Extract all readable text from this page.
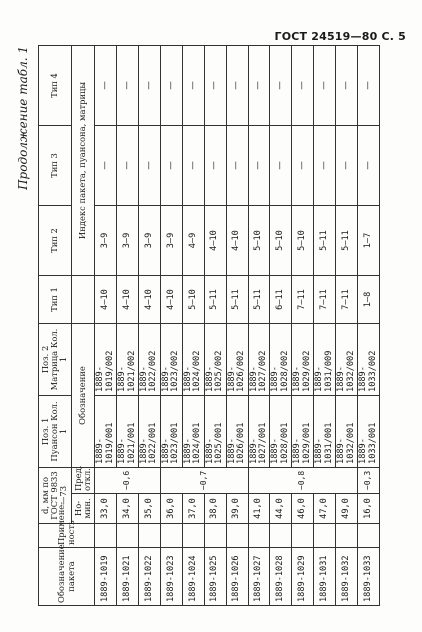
ГОСТ 24519—80 С. 5
Продолжение табл. 1
Обозначение пакета	Примене-ность	d, мм по ГОСТ 9833—73		Поз. 1 Пуансон Кол. 1	Поз. 2 Матрица Кол. 1	Тип 1	Тип 2	Тип 3	Тип 4
		Но-мин.	Пред. откл.	Обозначение			Индекс пакета, пуансона, матрицы		

1889-1019		33,0	−0,6	1889-1019/001	1889-1019/002	4—10	3—9	—	—
1889-1021		34,0		1889-1021/001	1889-1021/002	4—10	3—9	—	—
1889-1022		35,0		1889-1022/001	1889-1022/002	4—10	3—9	—	—
1889-1023		36,0	−0,7	1889-1023/001	1889-1023/002	4—10	3—9	—	—
1889-1024		37,0		1889-1024/001	1889-1024/002	5—10	4—9	—	—
1889-1025		38,0		1889-1025/001	1889-1025/002	5—11	4—10	—	—
1889-1026		39,0		1889-1026/001	1889-1026/002	5—11	4—10	—	—
1889-1027		41,0	−0,8	1889-1027/001	1889-1027/002	5—11	5—10	—	—
1889-1028		44,0		1889-1028/001	1889-1028/002	6—11	5—10	—	—
1889-1029		46,0		1889-1029/001	1889-1029/002	7—11	5—10	—	—
1889-1031		47,0		1889-1031/001	1889-1031/009	7—11	5—11	—	—
1889-1032		49,0		1889-1032/001	1889-1032/002	7—11	5—11	—	—
1889-1033		16,0	−0,3	1889-1033/001	1889-1033/002	1—8	1—7	—	—
